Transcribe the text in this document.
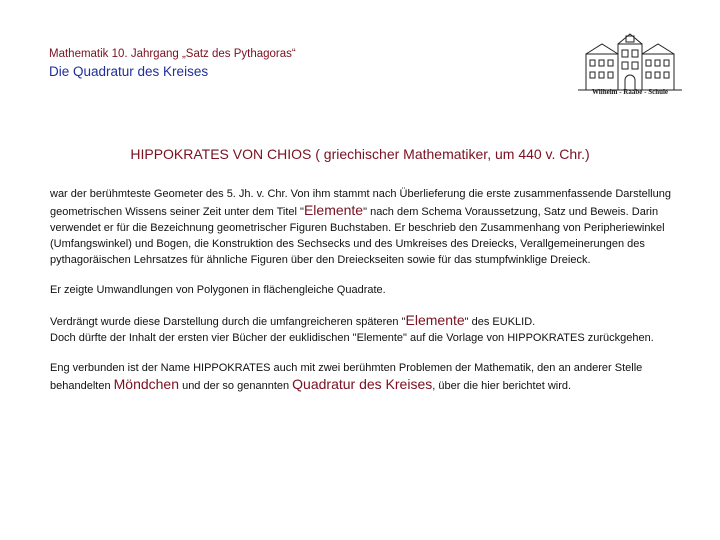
Mathematik 10. Jahrgang „Satz des Pythagoras“
Die Quadratur des Kreises
Wilhelm - Raabe - Schule
HIPPOKRATES VON CHIOS ( griechischer Mathematiker, um 440 v. Chr.)

war der berühmteste Geometer des 5. Jh. v. Chr. Von ihm stammt nach Überlieferung die erste zusammenfassende Darstellung geometrischen Wissens seiner Zeit unter dem Titel "Elemente" nach dem Schema Voraussetzung, Satz und Beweis. Darin verwendet er für die Bezeichnung geometrischer Figuren Buchstaben. Er beschrieb den Zusammenhang von Peripheriewinkel (Umfangswinkel) und Bogen, die Konstruktion des Sechsecks und des Umkreises des Dreiecks, Verallgemeinerungen des pythagoräischen Lehrsatzes für ähnliche Figuren über den Dreieckseiten sowie für das stumpfwinklige Dreieck.

Er zeigte Umwandlungen von Polygonen in flächengleiche Quadrate.

Verdrängt wurde diese Darstellung durch die umfangreicheren späteren "Elemente" des EUKLID.
Doch dürfte der Inhalt der ersten vier Bücher der euklidischen "Elemente" auf die Vorlage von HIPPOKRATES zurückgehen.

Eng verbunden ist der Name HIPPOKRATES auch mit zwei berühmten Problemen der Mathematik, den an anderer Stelle behandelten Möndchen und der so genannten Quadratur des Kreises, über die hier berichtet wird.
